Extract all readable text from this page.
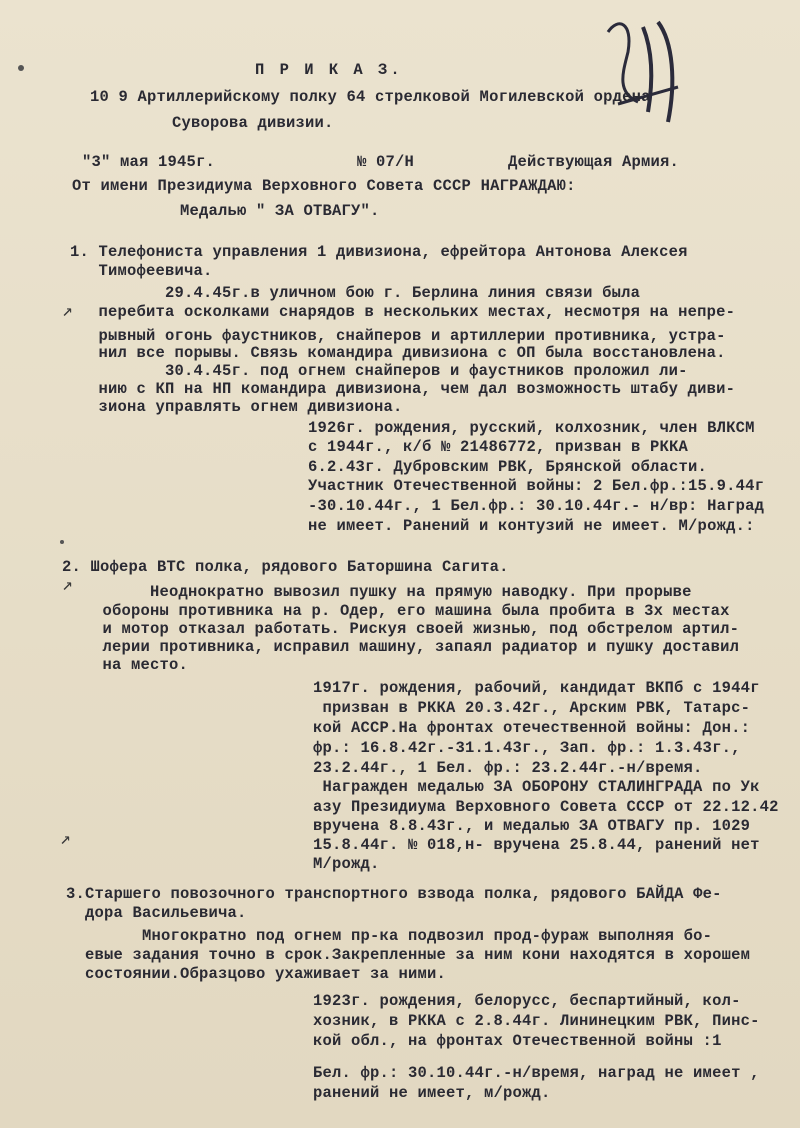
П Р И К А З.
10 9 Артиллерийскому полку 64 стрелковой Могилевской ордена
Суворова дивизии.
"3" мая 1945г.	№ 07/Н	Действующая Армия.
От имени Президиума Верховного Совета СССР НАГРАЖДАЮ:
Медалью " ЗА ОТВАГУ".
1. Телефониста управления 1 дивизиона, ефрейтора Антонова Алексея
Тимофеевича.
29.4.45г.в уличном бою г. Берлина линия связи была
перебита осколками снарядов в нескольких местах, несмотря на непре-
рывный огонь фаустников, снайперов и артиллерии противника, устра-
нил все порывы. Связь командира дивизиона с ОП была восстановлена.
30.4.45г. под огнем снайперов и фаустников проложил ли-
нию с КП на НП командира дивизиона, чем дал возможность штабу диви-
зиона управлять огнем дивизиона.
1926г. рождения, русский, колхозник, член ВЛКСМ
с 1944г., к/б № 21486772, призван в РККА
6.2.43г. Дубровским РВК, Брянской области.
Участник Отечественной войны: 2 Бел.фр.:15.9.44г
-30.10.44г., 1 Бел.фр.: 30.10.44г.- н/вр: Наград
не имеет. Ранений и контузий не имеет. М/рожд.:
2. Шофера ВТС полка, рядового Баторшина Сагита.
Неоднократно вывозил пушку на прямую наводку. При прорыве
обороны противника на р. Одер, его машина была пробита в 3х местах
и мотор отказал работать. Рискуя своей жизнью, под обстрелом артил-
лерии противника, исправил машину, запаял радиатор и пушку доставил
на место.
1917г. рождения, рабочий, кандидат ВКПб с 1944г
призван в РККА 20.3.42г., Арским РВК, Татарс-
кой АССР.На фронтах отечественной войны: Дон.:
фр.: 16.8.42г.-31.1.43г., Зап. фр.: 1.3.43г.,
23.2.44г., 1 Бел. фр.: 23.2.44г.-н/время.
Награжден медалью ЗА ОБОРОНУ СТАЛИНГРАДА по Ук
азу Президиума Верховного Совета СССР от 22.12.42
вручена 8.8.43г., и медалью ЗА ОТВАГУ пр. 1029
15.8.44г. № 018,н- вручена 25.8.44, ранений нет
М/рожд.
3.Старшего повозочного транспортного взвода полка, рядового БАЙДА Фе-
дора Васильевича.
Многократно под огнем пр-ка подвозил прод-фураж выполняя бо-
евые задания точно в срок.Закрепленные за ним кони находятся в хорошем
состоянии.Образцово ухаживает за ними.
1923г. рождения, белорусс, беспартийный, кол-
хозник, в РККА с 2.8.44г. Лининецким РВК, Пинс-
кой обл., на фронтах Отечественной войны :1
Бел. фр.: 30.10.44г.-н/время, наград не имеет ,
ранений не имеет, м/рожд.
↗
↗
↗
